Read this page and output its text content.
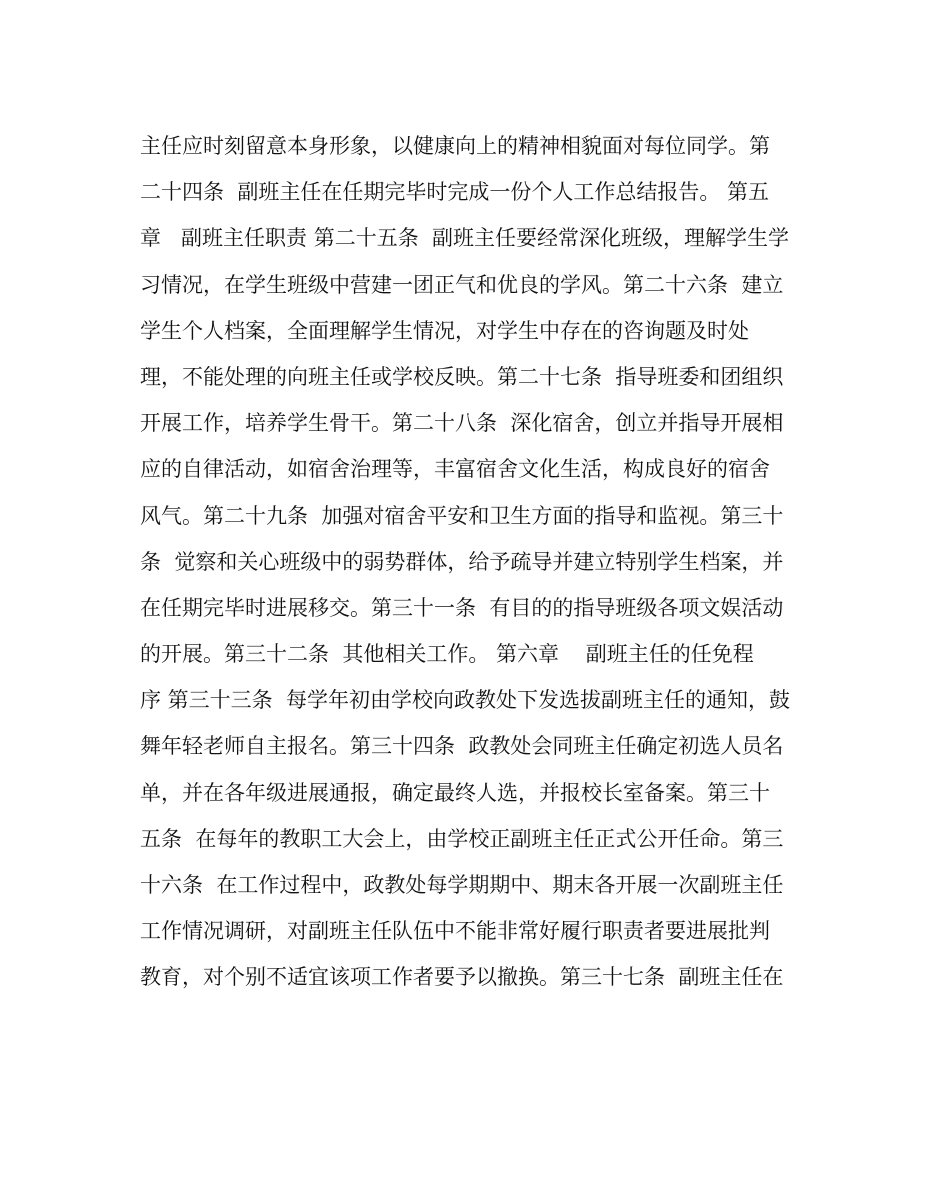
主任应时刻留意本身形象，以健康向上的精神相貌面对每位同学。第
二十四条  副班主任在任期完毕时完成一份个人工作总结报告。 第五
章   副班主任职责 第二十五条  副班主任要经常深化班级，理解学生学
习情况，在学生班级中营建一团正气和优良的学风。第二十六条  建立
学生个人档案，全面理解学生情况，对学生中存在的咨询题及时处
理，不能处理的向班主任或学校反映。第二十七条  指导班委和团组织
开展工作，培养学生骨干。第二十八条  深化宿舍，创立并指导开展相
应的自律活动，如宿舍治理等，丰富宿舍文化生活，构成良好的宿舍
风气。第二十九条  加强对宿舍平安和卫生方面的指导和监视。第三十
条  觉察和关心班级中的弱势群体，给予疏导并建立特别学生档案，并
在任期完毕时进展移交。第三十一条  有目的的指导班级各项文娱活动
的开展。第三十二条  其他相关工作。 第六章    副班主任的任免程
序 第三十三条  每学年初由学校向政教处下发选拔副班主任的通知，鼓
舞年轻老师自主报名。第三十四条  政教处会同班主任确定初选人员名
单，并在各年级进展通报，确定最终人选，并报校长室备案。第三十
五条  在每年的教职工大会上，由学校正副班主任正式公开任命。第三
十六条  在工作过程中，政教处每学期期中、期末各开展一次副班主任
工作情况调研，对副班主任队伍中不能非常好履行职责者要进展批判
教育，对个别不适宜该项工作者要予以撤换。第三十七条  副班主任在
